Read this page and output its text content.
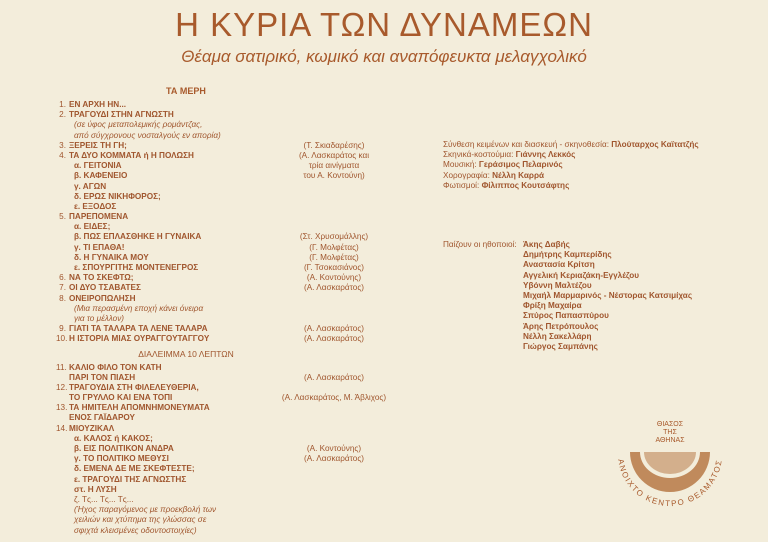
Η ΚΥΡΙΑ ΤΩΝ ΔΥΝΑΜΕΩΝ
Θέαμα σατιρικό, κωμικό και αναπόφευκτα μελαγχολικό
ΤΑ ΜΕΡΗ
1. ΕΝ ΑΡΧΗ ΗΝ...
2. ΤΡΑΓΟΥΔΙ ΣΤΗΝ ΑΓΝΩΣΤΗ
(σε ύφος μεταπολεμικής ρομάντζας,
από σύγχρονους νοσταλγούς εν απορία)
3. ΞΕΡΕΙΣ ΤΗ ΓΗ;	(Τ. Σκιαδαρέσης)
4. ΤΑ ΔΥΟ ΚΟΜΜΑΤΑ ή Η ΠΟΛΩΣΗ	(Α. Λασκαράτος και
α. ΓΕΙΤΟΝΙΑ	τρία αινίγματα
β. ΚΑΦΕΝΕΙΟ	του Α. Κοντούνη)
γ. ΑΓΩΝ
δ. ΕΡΩΣ ΝΙΚΗΦΟΡΟΣ;
ε. ΕΞΟΔΟΣ
5. ΠΑΡΕΠΟΜΕΝΑ
α. ΕΙΔΕΣ;
β. ΠΩΣ ΕΠΛΑΣΘΗΚΕ Η ΓΥΝΑΙΚΑ	(Στ. Χρυσομάλλης)
γ. ΤΙ ΕΠΑΘΑ!	(Γ. Μολφέτας)
δ. Η ΓΥΝΑΙΚΑ ΜΟΥ	(Γ. Μολφέτας)
ε. ΣΠΟΥΡΓΙΤΗΣ ΜΟΝΤΕΝΕΓΡΟΣ	(Γ. Τσοκασιάνος)
6. ΝΑ ΤΟ ΣΚΕΦΤΩ;	(Α. Κοντούνης)
7. ΟΙ ΔΥΟ ΤΣΑΒΑΤΕΣ	(Α. Λασκαράτος)
8. ΟΝΕΙΡΟΠΩΛΗΣΗ
(Μια περασμένη εποχή κάνει όνειρα
για το μέλλον)
9. ΓΙΑΤΙ ΤΑ ΤΑΛΑΡΑ ΤΑ ΛΕΝΕ ΤΑΛΑΡΑ	(Α. Λασκαράτος)
10. Η ΙΣΤΟΡΙΑ ΜΙΑΣ ΟΥΡΑΓΓΟΥΤΑΓΓΟΥ	(Α. Λασκαράτος)
ΔΙΑΛΕΙΜΜΑ 10 ΛΕΠΤΩΝ
11. ΚΑΛΙΟ ΦΙΛΟ ΤΟΝ ΚΑΤΗ
ΠΑΡΙ ΤΟΝ ΠΙΑΣΗ	(Α. Λασκαράτος)
12. ΤΡΑΓΟΥΔΙΑ ΣΤΗ ΦΙΛΕΛΕΥΘΕΡΙΑ,
ΤΟ ΓΡΥΛΛΟ ΚΑΙ ΕΝΑ ΤΟΠΙ	(Α. Λασκαράτος, Μ. Άβλιχος)
13. ΤΑ ΗΜΙΤΕΛΗ ΑΠΟΜΝΗΜΟΝΕΥΜΑΤΑ
ΕΝΟΣ ΓΑΪΔΑΡΟΥ
14. ΜΙΟΥΖΙΚΑΛ
α. ΚΑΛΟΣ ή ΚΑΚΟΣ;
β. ΕΙΣ ΠΟΛΙΤΙΚΟΝ ΑΝΔΡΑ	(Α. Κοντούνης)
γ. ΤΟ ΠΟΛΙΤΙΚΟ ΜΕΘΥΣΙ	(Α. Λασκαράτος)
δ. ΕΜΕΝΑ ΔΕ ΜΕ ΣΚΕΦΤΕΣΤΕ;
ε. ΤΡΑΓΟΥΔΙ ΤΗΣ ΑΓΝΩΣΤΗΣ
στ. Η ΛΥΣΗ
ζ. Τς... Τς... Τς...
(Ήχος παραγόμενος με προεκβολή των
χειλιών και χτύπημα της γλώσσας σε
σφιχτά κλεισμένες οδοντοστοιχίες)
Σύνθεση κειμένων και διασκευή - σκηνοθεσία: Πλούταρχος Καϊτατζής
Σκηνικά-κοστούμια: Γιάννης Λεκκός
Μουσική: Γεράσιμος Πελαρινός
Χορογραφία: Νέλλη Καρρά
Φωτισμοί: Φίλιππος Κουτσάφτης
Παίζουν οι ηθοποιοί: Άκης Δαβής
Δημήτρης Καμπερίδης
Αναστασία Κρίτση
Αγγελική Κεριαζάκη-Εγγλέζου
Υβόννη Μαλτέζου
Μιχαήλ Μαρμαρινός - Νέστορας Κατσιμίχας
Φρίξη Μαχαίρα
Σπύρος Παπασπύρου
Άρης Πετρόπουλος
Νέλλη Σακελλάρη
Γιώργος Σαμπάνης
ΘΙΑΣΟΣ
ΤΗΣ
ΑΘΗΝΑΣ
ΑΝΟΙΧΤΟ ΚΕΝΤΡΟ ΘΕΑΜΑΤΟΣ
